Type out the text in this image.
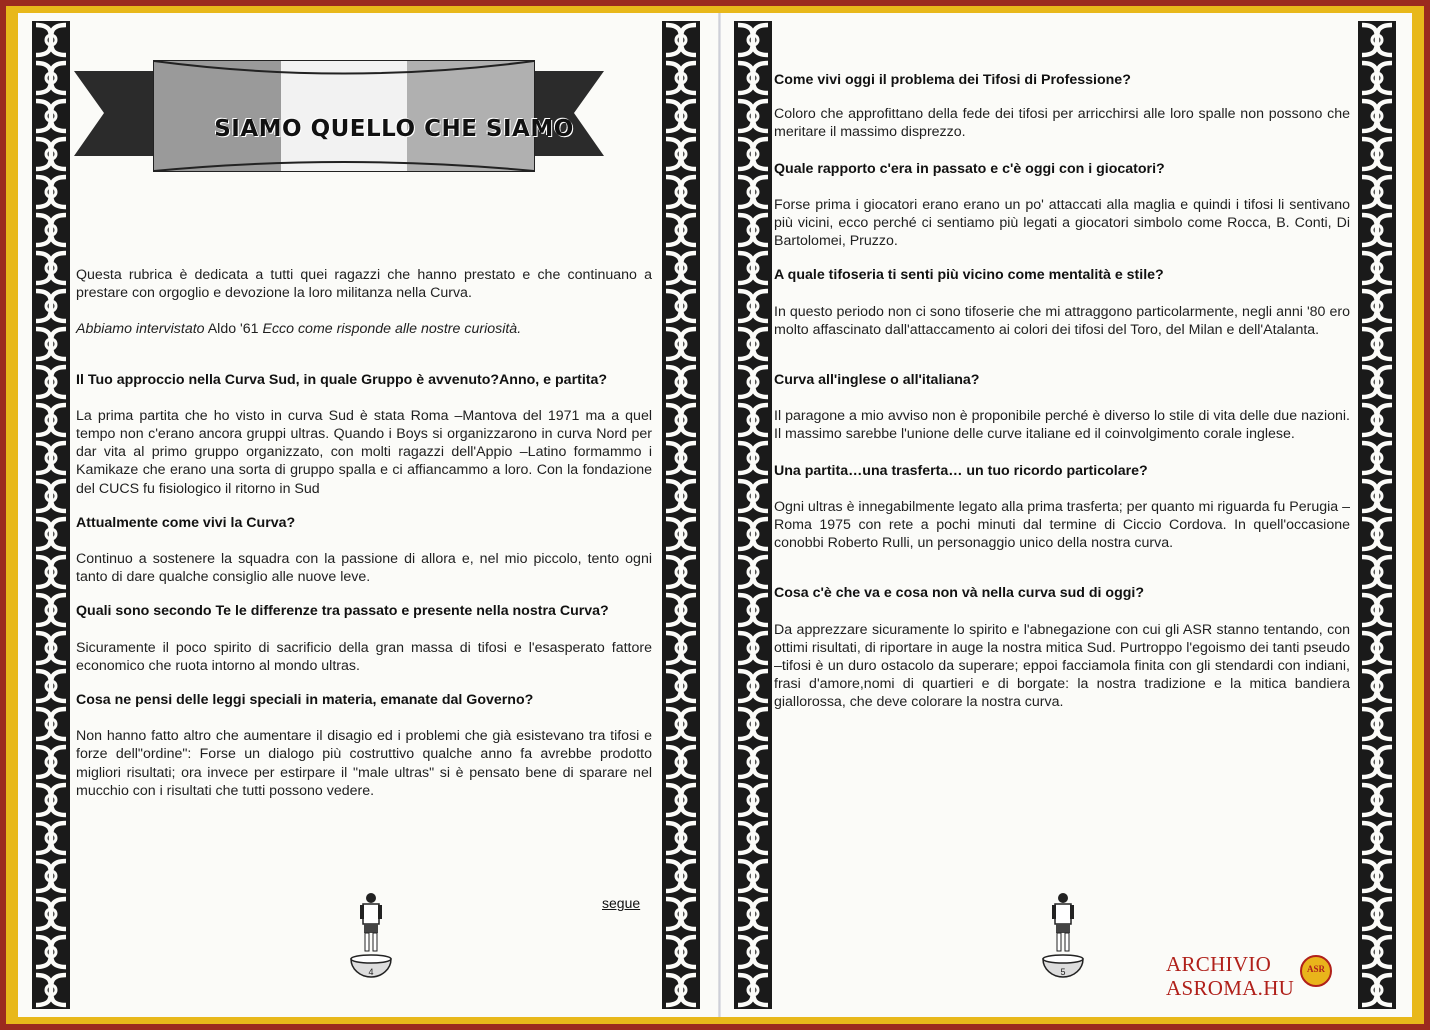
SIAMO QUELLO CHE SIAMO

Questa rubrica è dedicata a tutti quei ragazzi che hanno prestato e che continuano a prestare con orgoglio e devozione la loro militanza nella Curva.

Abbiamo intervistato Aldo '61 Ecco come risponde alle nostre curiosità.

Il Tuo approccio nella Curva Sud, in quale Gruppo è avvenuto?Anno, e partita?

La prima partita che ho visto in curva Sud è stata Roma –Mantova del 1971 ma a quel tempo non c'erano ancora gruppi ultras. Quando i Boys si organizzarono in curva Nord per dar vita al primo gruppo organizzato, con molti ragazzi dell'Appio –Latino formammo i Kamikaze che erano una sorta di gruppo spalla e ci affiancammo a loro. Con la fondazione del CUCS fu fisiologico il ritorno in Sud

Attualmente come vivi la Curva?

Continuo a sostenere la squadra con la passione di allora e, nel mio piccolo, tento ogni tanto di dare qualche consiglio alle nuove leve.

Quali sono secondo Te le differenze tra passato e presente nella nostra Curva?

Sicuramente il poco spirito di sacrificio della gran massa di tifosi e l'esasperato fattore economico che ruota intorno al mondo ultras.

Cosa ne pensi delle leggi speciali in materia, emanate dal Governo?

Non hanno fatto altro che aumentare il disagio ed i problemi che già esistevano tra tifosi e forze dell"ordine": Forse un dialogo più costruttivo qualche anno fa avrebbe prodotto migliori risultati; ora invece per estirpare il "male ultras" si è pensato bene di sparare nel mucchio con i risultati che tutti possono vedere.

segue

Come vivi oggi il problema dei Tifosi di Professione?

Coloro che approfittano della fede dei tifosi per arricchirsi alle loro spalle non possono che meritare il massimo disprezzo.

Quale rapporto c'era in passato e c'è oggi con i giocatori?

Forse prima i giocatori erano erano un po' attaccati alla maglia e quindi i tifosi li sentivano più vicini, ecco perché ci sentiamo più legati a giocatori simbolo come Rocca, B. Conti, Di Bartolomei, Pruzzo.

A quale tifoseria ti senti più vicino come mentalità e stile?

In questo periodo non ci sono tifoserie che mi attraggono particolarmente, negli anni '80 ero molto affascinato dall'attaccamento ai colori dei tifosi del Toro, del Milan e dell'Atalanta.

Curva all'inglese o all'italiana?

Il paragone a mio avviso non è proponibile perché è diverso lo stile di vita delle due nazioni. Il massimo sarebbe l'unione delle curve italiane ed il coinvolgimento corale inglese.

Una partita…una trasferta… un tuo ricordo particolare?

Ogni ultras è innegabilmente legato alla prima trasferta; per quanto mi riguarda fu Perugia –Roma 1975 con rete a pochi minuti dal termine di Ciccio Cordova. In quell'occasione conobbi Roberto Rulli, un personaggio unico della nostra curva.

Cosa c'è che va e cosa non và nella curva sud di oggi?

Da apprezzare sicuramente lo spirito e l'abnegazione con cui gli ASR stanno tentando, con ottimi risultati, di riportare in auge la nostra mitica Sud. Purtroppo l'egoismo dei tanti pseudo –tifosi è un duro ostacolo da superare; eppoi facciamola finita con gli stendardi con indiani, frasi d'amore,nomi di quartieri e di borgate: la nostra tradizione e la mitica bandiera giallorossa, che deve colorare la nostra curva.

4	5	ARCHIVIO
ASROMA.HU
ASR
